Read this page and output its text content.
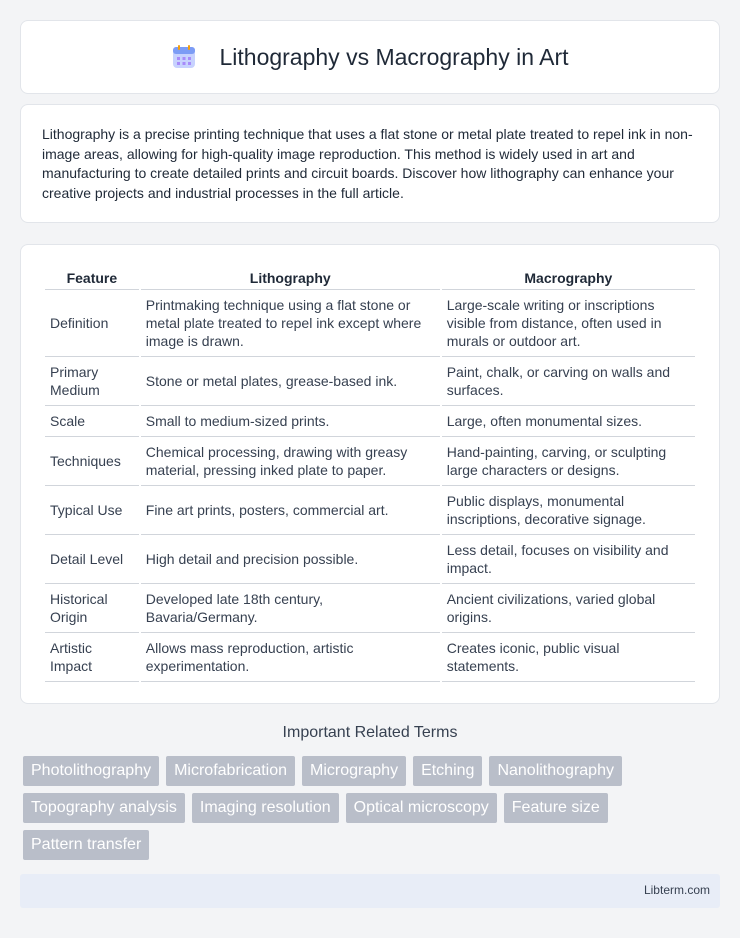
Lithography vs Macrography in Art

Lithography is a precise printing technique that uses a flat stone or metal plate treated to repel ink in non-image areas, allowing for high-quality image reproduction. This method is widely used in art and manufacturing to create detailed prints and circuit boards. Discover how lithography can enhance your creative projects and industrial processes in the full article.

Feature	Lithography	Macrography
Definition	Printmaking technique using a flat stone or metal plate treated to repel ink except where image is drawn.	Large-scale writing or inscriptions visible from distance, often used in murals or outdoor art.
Primary Medium	Stone or metal plates, grease-based ink.	Paint, chalk, or carving on walls and surfaces.
Scale	Small to medium-sized prints.	Large, often monumental sizes.
Techniques	Chemical processing, drawing with greasy material, pressing inked plate to paper.	Hand-painting, carving, or sculpting large characters or designs.
Typical Use	Fine art prints, posters, commercial art.	Public displays, monumental inscriptions, decorative signage.
Detail Level	High detail and precision possible.	Less detail, focuses on visibility and impact.
Historical Origin	Developed late 18th century, Bavaria/Germany.	Ancient civilizations, varied global origins.
Artistic Impact	Allows mass reproduction, artistic experimentation.	Creates iconic, public visual statements.
Important Related Terms
Photolithography	Microfabrication	Micrography	Etching	Nanolithography
Topography analysis	Imaging resolution	Optical microscopy	Feature size
Pattern transfer
Libterm.com
